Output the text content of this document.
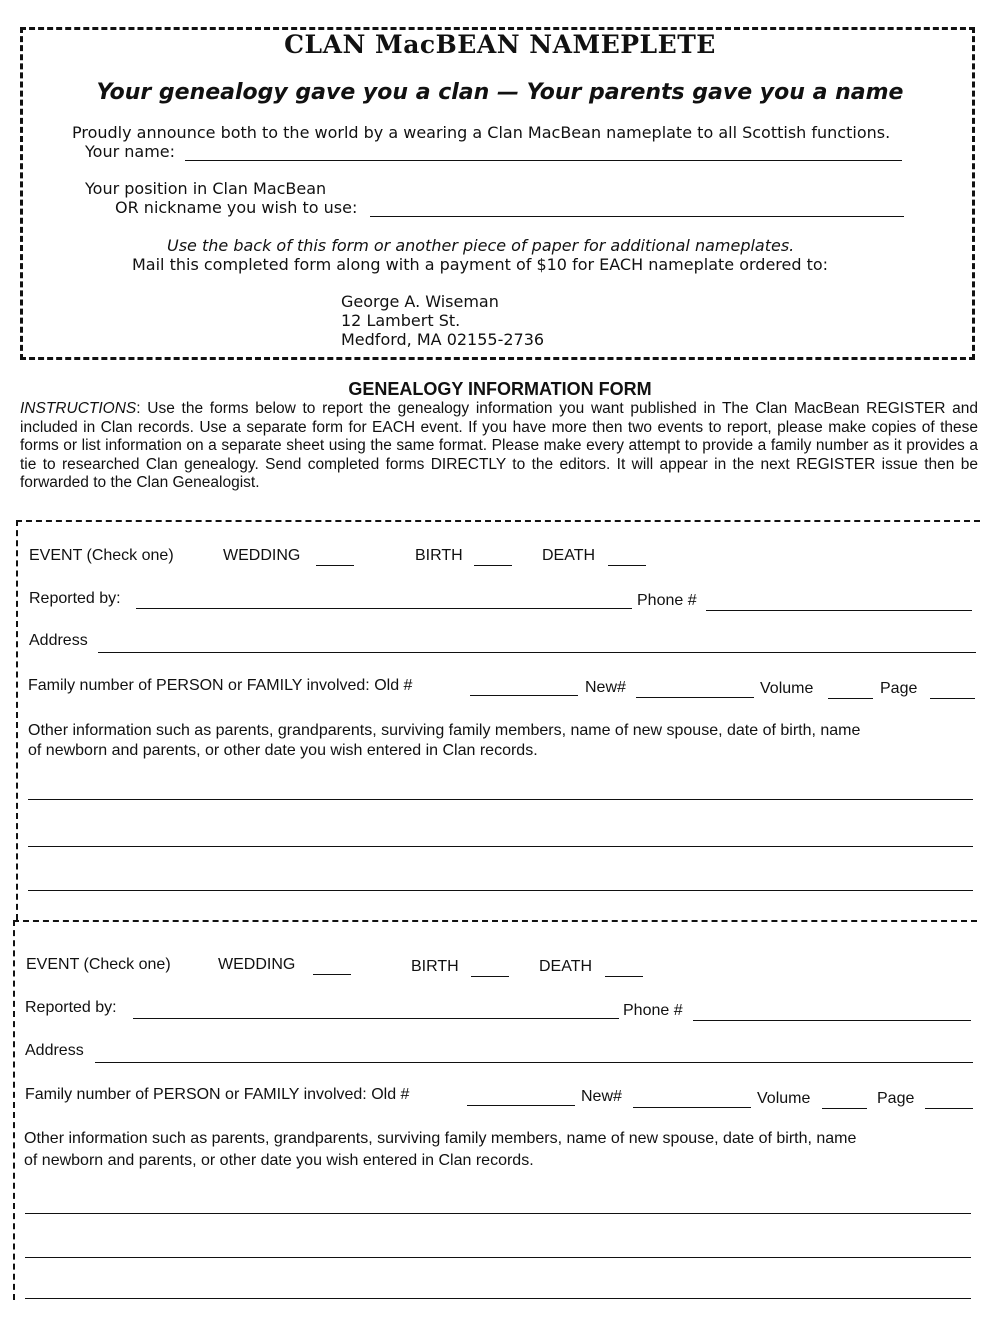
CLAN MacBEAN NAMEPLETE
Your genealogy gave you a clan — Your parents gave you a name
Proudly announce both to the world by a wearing a Clan MacBean nameplate to all Scottish functions.
Your name:
Your position in Clan MacBean
OR nickname you wish to use:
Use the back of this form or another piece of paper for additional nameplates.
Mail this completed form along with a payment of $10 for EACH nameplate ordered to:
George A. Wiseman
12 Lambert St.
Medford, MA 02155-2736
GENEALOGY INFORMATION FORM
INSTRUCTIONS: Use the forms below to report the genealogy information you want published in The Clan MacBean REGISTER and included in Clan records. Use a separate form for EACH event. If you have more then two events to report, please make copies of these forms or list information on a separate sheet using the same format. Please make every attempt to provide a family number as it provides a tie to researched Clan genealogy. Send completed forms DIRECTLY to the editors. It will appear in the next REGISTER issue then be forwarded to the Clan Genealogist.
EVENT (Check one)	WEDDING	BIRTH	DEATH
Reported by:	Phone #
Address
Family number of PERSON or FAMILY involved: Old #	New#	Volume	Page
Other information such as parents, grandparents, surviving family members, name of new spouse, date of birth, name
of newborn and parents, or other date you wish entered in Clan records.
EVENT (Check one)	WEDDING	BIRTH	DEATH
Reported by:	Phone #
Address
Family number of PERSON or FAMILY involved: Old #	New#	Volume	Page
Other information such as parents, grandparents, surviving family members, name of new spouse, date of birth, name
of newborn and parents, or other date you wish entered in Clan records.
